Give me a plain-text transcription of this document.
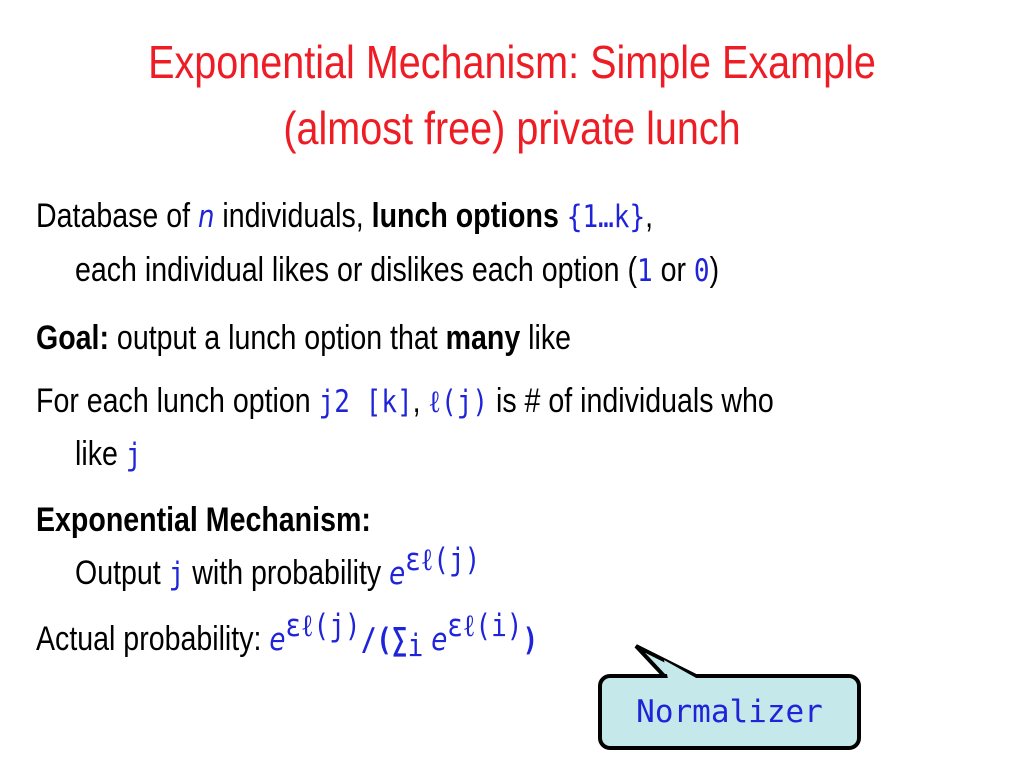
Exponential Mechanism: Simple Example
(almost free) private lunch
Database of n individuals, lunch options {1…k},
each individual likes or dislikes each option (1 or 0)
Goal: output a lunch option that many like
For each lunch option j2 [k], ℓ(j) is # of individuals who
like j
Exponential Mechanism:
Output j with probability $e^{\varepsilon\ell(j)}$
Actual probability: $e^{\varepsilon\ell(j)}/(\sum_i$ $e^{\varepsilon\ell(i)}$)
Normalizer
